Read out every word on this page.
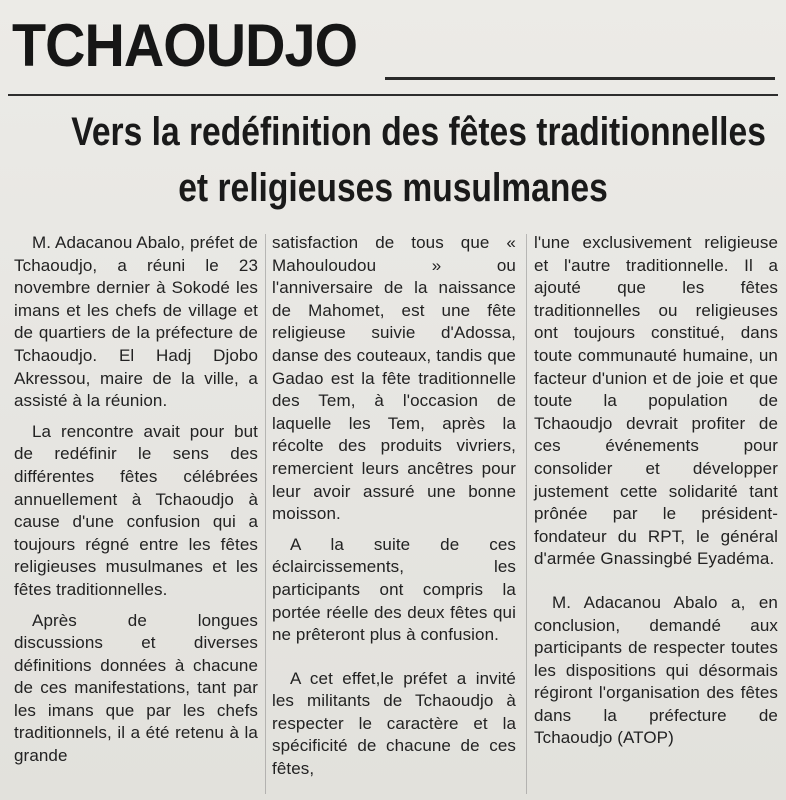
TCHAOUDJO
Vers la redéfinition des fêtes traditionnelles
et religieuses musulmanes

M. Adacanou Abalo, préfet de Tchaoudjo, a réuni le 23 novembre dernier à Sokodé les imans et les chefs de village et de quartiers de la préfecture de Tchaoudjo. El Hadj Djobo Akressou, maire de la ville, a assisté à la réunion.

La rencontre avait pour but de redéfinir le sens des différentes fêtes célébrées annuellement à Tchaoudjo à cause d'une confusion qui a toujours régné entre les fêtes religieuses musulmanes et les fêtes traditionnelles.

Après de longues discussions et diverses définitions données à chacune de ces manifestations, tant par les imans que par les chefs traditionnels, il a été retenu à la grande

satisfaction de tous que « Mahouloudou » ou l'anniversaire de la naissance de Mahomet, est une fête religieuse suivie d'Adossa, danse des couteaux, tandis que Gadao est la fête traditionnelle des Tem, à l'occasion de laquelle les Tem, après la récolte des produits vivriers, remercient leurs ancêtres pour leur avoir assuré une bonne moisson.

A la suite de ces éclaircissements, les participants ont compris la portée réelle des deux fêtes qui ne prêteront plus à confusion.

A cet effet,le préfet a invité les militants de Tchaoudjo à respecter le caractère et la spécificité de chacune de ces fêtes,

l'une exclusivement religieuse et l'autre traditionnelle. Il a ajouté que les fêtes traditionnelles ou religieuses ont toujours constitué, dans toute communauté humaine, un facteur d'union et de joie et que toute la population de Tchaoudjo devrait profiter de ces événements pour consolider et développer justement cette solidarité tant prônée par le président-fondateur du RPT, le général d'armée Gnassingbé Eyadéma.

M. Adacanou Abalo a, en conclusion, demandé aux participants de respecter toutes les dispositions qui désormais régiront l'organisation des fêtes dans la préfecture de Tchaoudjo (ATOP)
